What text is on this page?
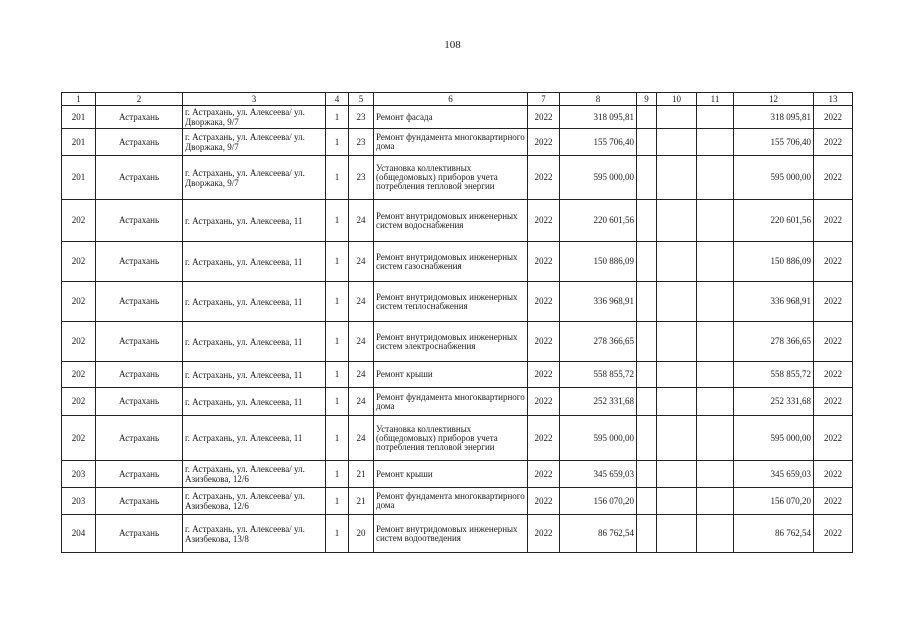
108
1	2	3	4	5	6	7	8	9	10	11	12	13
201	Астрахань	г. Астрахань, ул. Алексеева/ ул. Дворжака, 9/7	1	23	Ремонт фасада	2022	318 095,81				318 095,81	2022
201	Астрахань	г. Астрахань, ул. Алексеева/ ул. Дворжака, 9/7	1	23	Ремонт фундамента многоквартирного дома	2022	155 706,40				155 706,40	2022
201	Астрахань	г. Астрахань, ул. Алексеева/ ул. Дворжака, 9/7	1	23	Установка коллективных (общедомовых) приборов учета потребления тепловой энергии	2022	595 000,00				595 000,00	2022
202	Астрахань	г. Астрахань, ул. Алексеева, 11	1	24	Ремонт внутридомовых инженерных систем водоснабжения	2022	220 601,56				220 601,56	2022
202	Астрахань	г. Астрахань, ул. Алексеева, 11	1	24	Ремонт внутридомовых инженерных систем газоснабжения	2022	150 886,09				150 886,09	2022
202	Астрахань	г. Астрахань, ул. Алексеева, 11	1	24	Ремонт внутридомовых инженерных систем теплоснабжения	2022	336 968,91				336 968,91	2022
202	Астрахань	г. Астрахань, ул. Алексеева, 11	1	24	Ремонт внутридомовых инженерных систем электроснабжения	2022	278 366,65				278 366,65	2022
202	Астрахань	г. Астрахань, ул. Алексеева, 11	1	24	Ремонт крыши	2022	558 855,72				558 855,72	2022
202	Астрахань	г. Астрахань, ул. Алексеева, 11	1	24	Ремонт фундамента многоквартирного дома	2022	252 331,68				252 331,68	2022
202	Астрахань	г. Астрахань, ул. Алексеева, 11	1	24	Установка коллективных (общедомовых) приборов учета потребления тепловой энергии	2022	595 000,00				595 000,00	2022
203	Астрахань	г. Астрахань, ул. Алексеева/ ул. Азизбекова, 12/6	1	21	Ремонт крыши	2022	345 659,03				345 659,03	2022
203	Астрахань	г. Астрахань, ул. Алексеева/ ул. Азизбекова, 12/6	1	21	Ремонт фундамента многоквартирного дома	2022	156 070,20				156 070,20	2022
204	Астрахань	г. Астрахань, ул. Алексеева/ ул. Азизбекова, 13/8	1	20	Ремонт внутридомовых инженерных систем водоотведения	2022	86 762,54				86 762,54	2022
